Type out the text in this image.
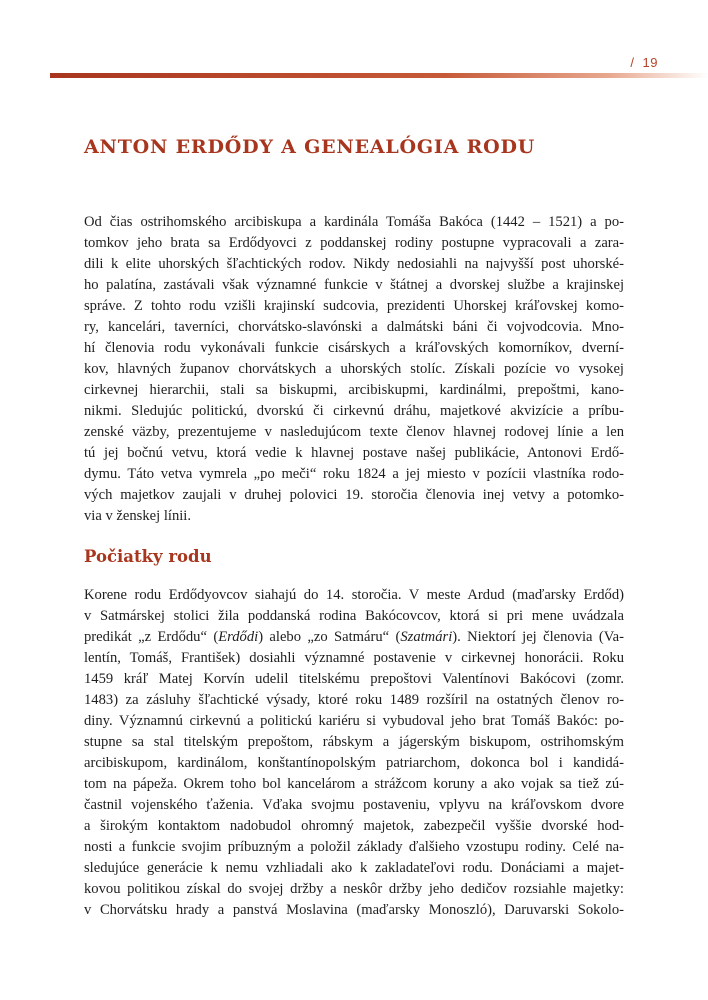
/ 19
ANTON ERDŐDY A GENEALÓGIA RODU
Od čias ostrihomského arcibiskupa a kardinála Tomáša Bakóca (1442 – 1521) a po-
tomkov jeho brata sa Erdődyovci z poddanskej rodiny postupne vypracovali a zara-
dili k elite uhorských šľachtických rodov. Nikdy nedosiahli na najvyšší post uhorské-
ho palatína, zastávali však významné funkcie v štátnej a dvorskej službe a krajinskej
správe. Z tohto rodu vzišli krajinskí sudcovia, prezidenti Uhorskej kráľovskej komo-
ry, kancelári, taverníci, chorvátsko-slavónski a dalmátski báni či vojvodcovia. Mno-
hí členovia rodu vykonávali funkcie cisárskych a kráľovských komorníkov, dverní-
kov, hlavných županov chorvátskych a uhorských stolíc. Získali pozície vo vysokej
cirkevnej hierarchii, stali sa biskupmi, arcibiskupmi, kardinálmi, prepoštmi, kano-
nikmi. Sledujúc politickú, dvorskú či cirkevnú dráhu, majetkové akvizície a príbu-
zenské väzby, prezentujeme v nasledujúcom texte členov hlavnej rodovej línie a len
tú jej bočnú vetvu, ktorá vedie k hlavnej postave našej publikácie, Antonovi Erdő-
dymu. Táto vetva vymrela „po meči“ roku 1824 a jej miesto v pozícii vlastníka rodo-
vých majetkov zaujali v druhej polovici 19. storočia členovia inej vetvy a potomko-
via v ženskej línii.
Počiatky rodu
Korene rodu Erdődyovcov siahajú do 14. storočia. V meste Ardud (maďarsky Erdőd)
v Satmárskej stolici žila poddanská rodina Bakócovcov, ktorá si pri mene uvádzala
predikát „z Erdődu“ (Erdődi) alebo „zo Satmáru“ (Szatmári). Niektorí jej členovia (Va-
lentín, Tomáš, František) dosiahli významné postavenie v cirkevnej honorácii. Roku
1459 kráľ Matej Korvín udelil titelskému prepoštovi Valentínovi Bakócovi (zomr.
1483) za zásluhy šľachtické výsady, ktoré roku 1489 rozšíril na ostatných členov ro-
diny. Významnú cirkevnú a politickú kariéru si vybudoval jeho brat Tomáš Bakóc: po-
stupne sa stal titelským prepoštom, rábskym a jágerským biskupom, ostrihomským
arcibiskupom, kardinálom, konštantínopolským patriarchom, dokonca bol i kandidá-
tom na pápeža. Okrem toho bol kancelárom a strážcom koruny a ako vojak sa tiež zú-
častnil vojenského ťaženia. Vďaka svojmu postaveniu, vplyvu na kráľovskom dvore
a širokým kontaktom nadobudol ohromný majetok, zabezpečil vyššie dvorské hod-
nosti a funkcie svojim príbuzným a položil základy ďalšieho vzostupu rodiny. Celé na-
sledujúce generácie k nemu vzhliadali ako k zakladateľovi rodu. Donáciami a majet-
kovou politikou získal do svojej držby a neskôr držby jeho dedičov rozsiahle majetky:
v Chorvátsku hrady a panstvá Moslavina (maďarsky Monoszló), Daruvarski Sokolo-
